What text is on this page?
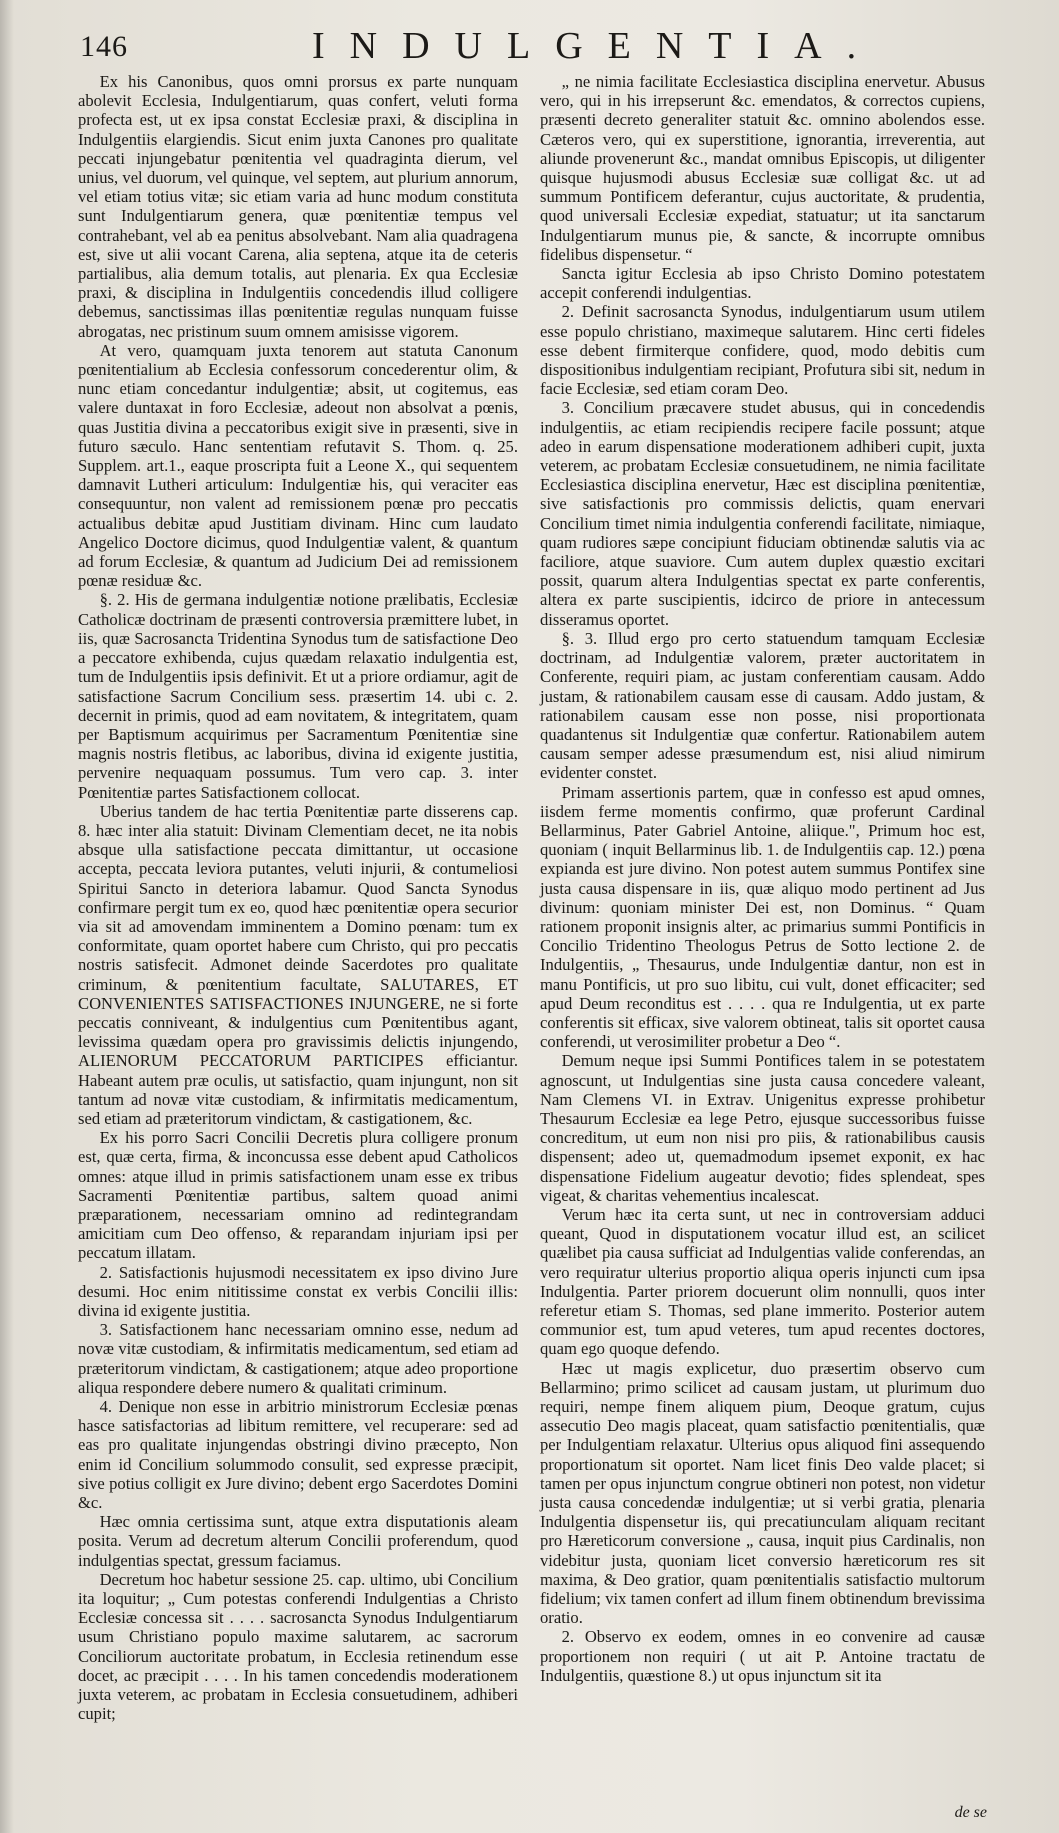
146	INDULGENTIA.

Ex his Canonibus, quos omni prorsus ex parte nunquam abolevit Ecclesia, Indulgentiarum, quas confert, veluti forma profecta est, ut ex ipsa constat Ecclesiæ praxi, & disciplina in Indulgentiis elargiendis. Sicut enim juxta Canones pro qualitate peccati injungebatur pœnitentia vel quadraginta dierum, vel unius, vel duorum, vel quinque, vel septem, aut plurium annorum, vel etiam totius vitæ; sic etiam varia ad hunc modum constituta sunt Indulgentiarum genera, quæ pœnitentiæ tempus vel contrahebant, vel ab ea penitus absolvebant. Nam alia quadragena est, sive ut alii vocant Carena, alia septena, atque ita de ceteris partialibus, alia demum totalis, aut plenaria. Ex qua Ecclesiæ praxi, & disciplina in Indulgentiis concedendis illud colligere debemus, sanctissimas illas pœnitentiæ regulas nunquam fuisse abrogatas, nec pristinum suum omnem amisisse vigorem.

At vero, quamquam juxta tenorem aut statuta Canonum pœnitentialium ab Ecclesia confessorum concederentur olim, & nunc etiam concedantur indulgentiæ; absit, ut cogitemus, eas valere duntaxat in foro Ecclesiæ, adeout non absolvat a pœnis, quas Justitia divina a peccatoribus exigit sive in præsenti, sive in futuro sæculo. Hanc sententiam refutavit S. Thom. q. 25. Supplem. art.1., eaque proscripta fuit a Leone X., qui sequentem damnavit Lutheri articulum: Indulgentiæ his, qui veraciter eas consequuntur, non valent ad remissionem pœnæ pro peccatis actualibus debitæ apud Justitiam divinam. Hinc cum laudato Angelico Doctore dicimus, quod Indulgentiæ valent, & quantum ad forum Ecclesiæ, & quantum ad Judicium Dei ad remissionem pœnæ residuæ &c.

§. 2. His de germana indulgentiæ notione prælibatis, Ecclesiæ Catholicæ doctrinam de præsenti controversia præmittere lubet, in iis, quæ Sacrosancta Tridentina Synodus tum de satisfactione Deo a peccatore exhibenda, cujus quædam relaxatio indulgentia est, tum de Indulgentiis ipsis definivit. Et ut a priore ordiamur, agit de satisfactione Sacrum Concilium sess. præsertim 14. ubi c. 2. decernit in primis, quod ad eam novitatem, & integritatem, quam per Baptismum acquirimus per Sacramentum Pœnitentiæ sine magnis nostris fletibus, ac laboribus, divina id exigente justitia, pervenire nequaquam possumus. Tum vero cap. 3. inter Pœnitentiæ partes Satisfactionem collocat.

Uberius tandem de hac tertia Pœnitentiæ parte disserens cap. 8. hæc inter alia statuit: Divinam Clementiam decet, ne ita nobis absque ulla satisfactione peccata dimittantur, ut occasione accepta, peccata leviora putantes, veluti injurii, & contumeliosi Spiritui Sancto in deteriora labamur. Quod Sancta Synodus confirmare pergit tum ex eo, quod hæc pœnitentiæ opera securior via sit ad amovendam imminentem a Domino pœnam: tum ex conformitate, quam oportet habere cum Christo, qui pro peccatis nostris satisfecit. Admonet deinde Sacerdotes pro qualitate criminum, & pœnitentium facultate, SALUTARES, ET CONVENIENTES SATISFACTIONES INJUNGERE, ne si forte peccatis conniveant, & indulgentius cum Pœnitentibus agant, levissima quædam opera pro gravissimis delictis injungendo, ALIENORUM PECCATORUM PARTICIPES efficiantur. Habeant autem præ oculis, ut satisfactio, quam injungunt, non sit tantum ad novæ vitæ custodiam, & infirmitatis medicamentum, sed etiam ad præteritorum vindictam, & castigationem, &c.

Ex his porro Sacri Concilii Decretis plura colligere pronum est, quæ certa, firma, & inconcussa esse debent apud Catholicos omnes: atque illud in primis satisfactionem unam esse ex tribus Sacramenti Pœnitentiæ partibus, saltem quoad animi præparationem, necessariam omnino ad redintegrandam amicitiam cum Deo offenso, & reparandam injuriam ipsi per peccatum illatam.

2. Satisfactionis hujusmodi necessitatem ex ipso divino Jure desumi. Hoc enim nititissime constat ex verbis Concilii illis: divina id exigente justitia.

3. Satisfactionem hanc necessariam omnino esse, nedum ad novæ vitæ custodiam, & infirmitatis medicamentum, sed etiam ad præteritorum vindictam, & castigationem; atque adeo proportione aliqua respondere debere numero & qualitati criminum.

4. Denique non esse in arbitrio ministrorum Ecclesiæ pœnas hasce satisfactorias ad libitum remittere, vel recuperare: sed ad eas pro qualitate injungendas obstringi divino præcepto, Non enim id Concilium solummodo consulit, sed expresse præcipit, sive potius colligit ex Jure divino; debent ergo Sacerdotes Domini &c.

Hæc omnia certissima sunt, atque extra disputationis aleam posita. Verum ad decretum alterum Concilii proferendum, quod indulgentias spectat, gressum faciamus.

Decretum hoc habetur sessione 25. cap. ultimo, ubi Concilium ita loquitur; „ Cum potestas conferendi Indulgentias a Christo Ecclesiæ concessa sit . . . . sacrosancta Synodus Indulgentiarum usum Christiano populo maxime salutarem, ac sacrorum Conciliorum auctoritate probatum, in Ecclesia retinendum esse docet, ac præcipit . . . . In his tamen concedendis moderationem juxta veterem, ac probatam in Ecclesia consuetudinem, adhiberi cupit;

„ ne nimia facilitate Ecclesiastica disciplina enervetur. Abusus vero, qui in his irrepserunt &c. emendatos, & correctos cupiens, præsenti decreto generaliter statuit &c. omnino abolendos esse. Cæteros vero, qui ex superstitione, ignorantia, irreverentia, aut aliunde provenerunt &c., mandat omnibus Episcopis, ut diligenter quisque hujusmodi abusus Ecclesiæ suæ colligat &c. ut ad summum Pontificem deferantur, cujus auctoritate, & prudentia, quod universali Ecclesiæ expediat, statuatur; ut ita sanctarum Indulgentiarum munus pie, & sancte, & incorrupte omnibus fidelibus dispensetur. “

Sancta igitur Ecclesia ab ipso Christo Domino potestatem accepit conferendi indulgentias.

2. Definit sacrosancta Synodus, indulgentiarum usum utilem esse populo christiano, maximeque salutarem. Hinc certi fideles esse debent firmiterque confidere, quod, modo debitis cum dispositionibus indulgentiam recipiant, Profutura sibi sit, nedum in facie Ecclesiæ, sed etiam coram Deo.

3. Concilium præcavere studet abusus, qui in concedendis indulgentiis, ac etiam recipiendis recipere facile possunt; atque adeo in earum dispensatione moderationem adhiberi cupit, juxta veterem, ac probatam Ecclesiæ consuetudinem, ne nimia facilitate Ecclesiastica disciplina enervetur, Hæc est disciplina pœnitentiæ, sive satisfactionis pro commissis delictis, quam enervari Concilium timet nimia indulgentia conferendi facilitate, nimiaque, quam rudiores sæpe concipiunt fiduciam obtinendæ salutis via ac faciliore, atque suaviore. Cum autem duplex quæstio excitari possit, quarum altera Indulgentias spectat ex parte conferentis, altera ex parte suscipientis, idcirco de priore in antecessum disseramus oportet.

§. 3. Illud ergo pro certo statuendum tamquam Ecclesiæ doctrinam, ad Indulgentiæ valorem, præter auctoritatem in Conferente, requiri piam, ac justam conferentiam causam. Addo justam, & rationabilem causam esse di causam. Addo justam, & rationabilem causam esse non posse, nisi proportionata quadantenus sit Indulgentiæ quæ confertur. Rationabilem autem causam semper adesse præsumendum est, nisi aliud nimirum evidenter constet.

Primam assertionis partem, quæ in confesso est apud omnes, iisdem ferme momentis confirmo, quæ proferunt Cardinal Bellarminus, Pater Gabriel Antoine, aliique.", Primum hoc est, quoniam ( inquit Bellarminus lib. 1. de Indulgentiis cap. 12.) pœna expianda est jure divino. Non potest autem summus Pontifex sine justa causa dispensare in iis, quæ aliquo modo pertinent ad Jus divinum: quoniam minister Dei est, non Dominus. “ Quam rationem proponit insignis alter, ac primarius summi Pontificis in Concilio Tridentino Theologus Petrus de Sotto lectione 2. de Indulgentiis, „ Thesaurus, unde Indulgentiæ dantur, non est in manu Pontificis, ut pro suo libitu, cui vult, donet efficaciter; sed apud Deum reconditus est . . . . qua re Indulgentia, ut ex parte conferentis sit efficax, sive valorem obtineat, talis sit oportet causa conferendi, ut verosimiliter probetur a Deo “.

Demum neque ipsi Summi Pontifices talem in se potestatem agnoscunt, ut Indulgentias sine justa causa concedere valeant, Nam Clemens VI. in Extrav. Unigenitus expresse prohibetur Thesaurum Ecclesiæ ea lege Petro, ejusque successoribus fuisse concreditum, ut eum non nisi pro piis, & rationabilibus causis dispensent; adeo ut, quemadmodum ipsemet exponit, ex hac dispensatione Fidelium augeatur devotio; fides splendeat, spes vigeat, & charitas vehementius incalescat.

Verum hæc ita certa sunt, ut nec in controversiam adduci queant, Quod in disputationem vocatur illud est, an scilicet quælibet pia causa sufficiat ad Indulgentias valide conferendas, an vero requiratur ulterius proportio aliqua operis injuncti cum ipsa Indulgentia. Parter priorem docuerunt olim nonnulli, quos inter referetur etiam S. Thomas, sed plane immerito. Posterior autem communior est, tum apud veteres, tum apud recentes doctores, quam ego quoque defendo.

Hæc ut magis explicetur, duo præsertim observo cum Bellarmino; primo scilicet ad causam justam, ut plurimum duo requiri, nempe finem aliquem pium, Deoque gratum, cujus assecutio Deo magis placeat, quam satisfactio pœnitentialis, quæ per Indulgentiam relaxatur. Ulterius opus aliquod fini assequendo proportionatum sit oportet. Nam licet finis Deo valde placet; si tamen per opus injunctum congrue obtineri non potest, non videtur justa causa concedendæ indulgentiæ; ut si verbi gratia, plenaria Indulgentia dispensetur iis, qui precatiunculam aliquam recitant pro Hæreticorum conversione „ causa, inquit pius Cardinalis, non videbitur justa, quoniam licet conversio hæreticorum res sit maxima, & Deo gratior, quam pœnitentialis satisfactio multorum fidelium; vix tamen confert ad illum finem obtinendum brevissima oratio.

2. Observo ex eodem, omnes in eo convenire ad causæ proportionem non requiri ( ut ait P. Antoine tractatu de Indulgentiis, quæstione 8.) ut opus injunctum sit ita

de se
